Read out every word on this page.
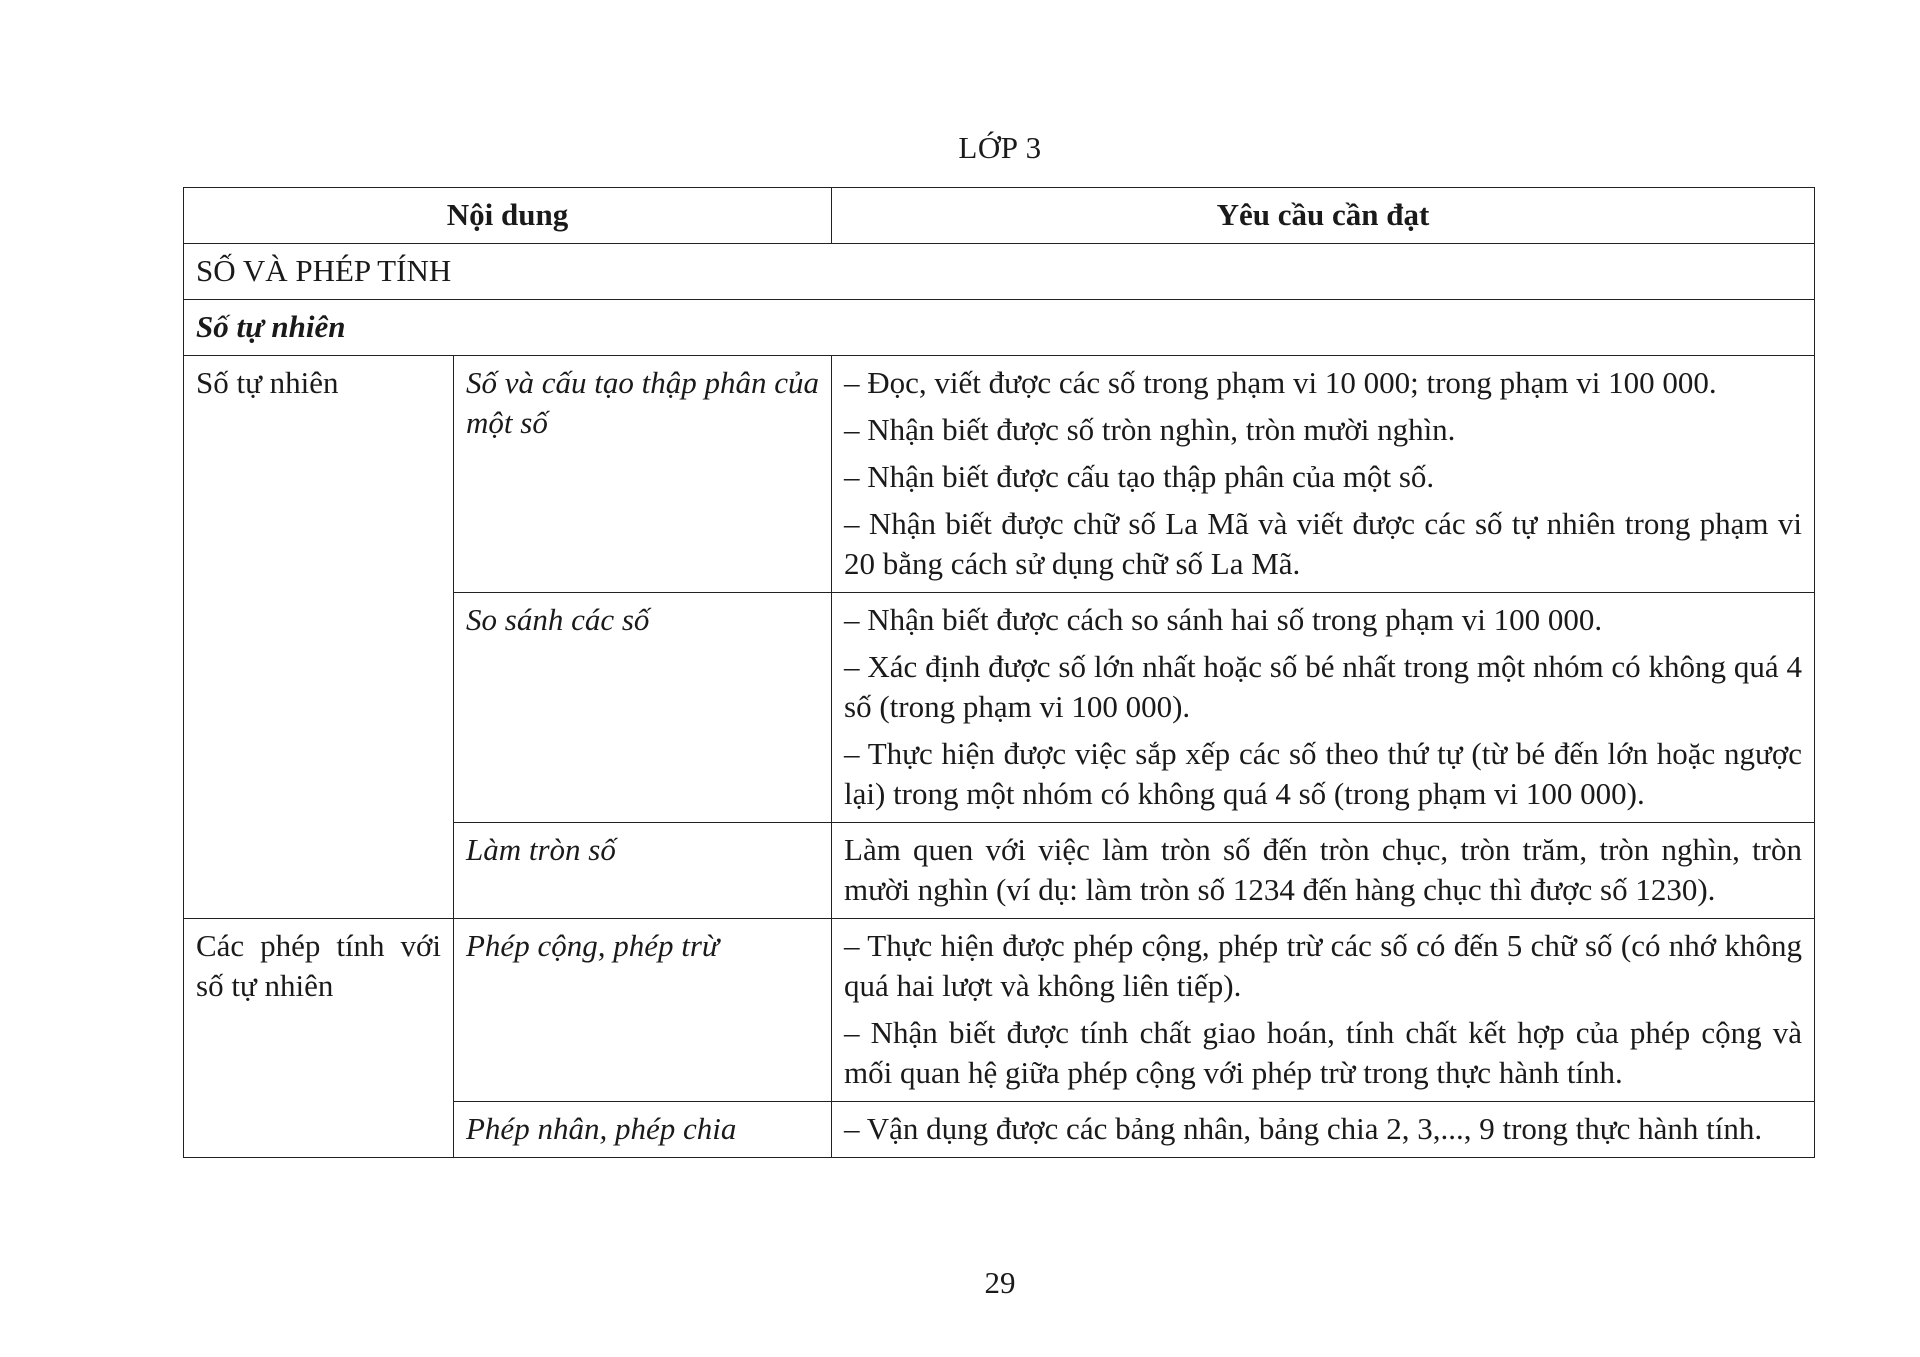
LỚP 3
Nội dung		Yêu cầu cần đạt
SỐ VÀ PHÉP TÍNH		
Số tự nhiên		
Số tự nhiên	Số và cấu tạo thập phân của một số	– Đọc, viết được các số trong phạm vi 10 000; trong phạm vi 100 000.
– Nhận biết được số tròn nghìn, tròn mười nghìn.
– Nhận biết được cấu tạo thập phân của một số.
– Nhận biết được chữ số La Mã và viết được các số tự nhiên trong phạm vi 20 bằng cách sử dụng chữ số La Mã.

	So sánh các số	– Nhận biết được cách so sánh hai số trong phạm vi 100 000.
– Xác định được số lớn nhất hoặc số bé nhất trong một nhóm có không quá 4 số (trong phạm vi 100 000).
– Thực hiện được việc sắp xếp các số theo thứ tự (từ bé đến lớn hoặc ngược lại) trong một nhóm có không quá 4 số (trong phạm vi 100 000).

	Làm tròn số	Làm quen với việc làm tròn số đến tròn chục, tròn trăm, tròn nghìn, tròn mười nghìn (ví dụ: làm tròn số 1234 đến hàng chục thì được số 1230).

Các phép tính với số tự nhiên	Phép cộng, phép trừ	– Thực hiện được phép cộng, phép trừ các số có đến 5 chữ số (có nhớ không quá hai lượt và không liên tiếp).
– Nhận biết được tính chất giao hoán, tính chất kết hợp của phép cộng và mối quan hệ giữa phép cộng với phép trừ trong thực hành tính.

	Phép nhân, phép chia	– Vận dụng được các bảng nhân, bảng chia 2, 3,..., 9 trong thực hành tính.
29
